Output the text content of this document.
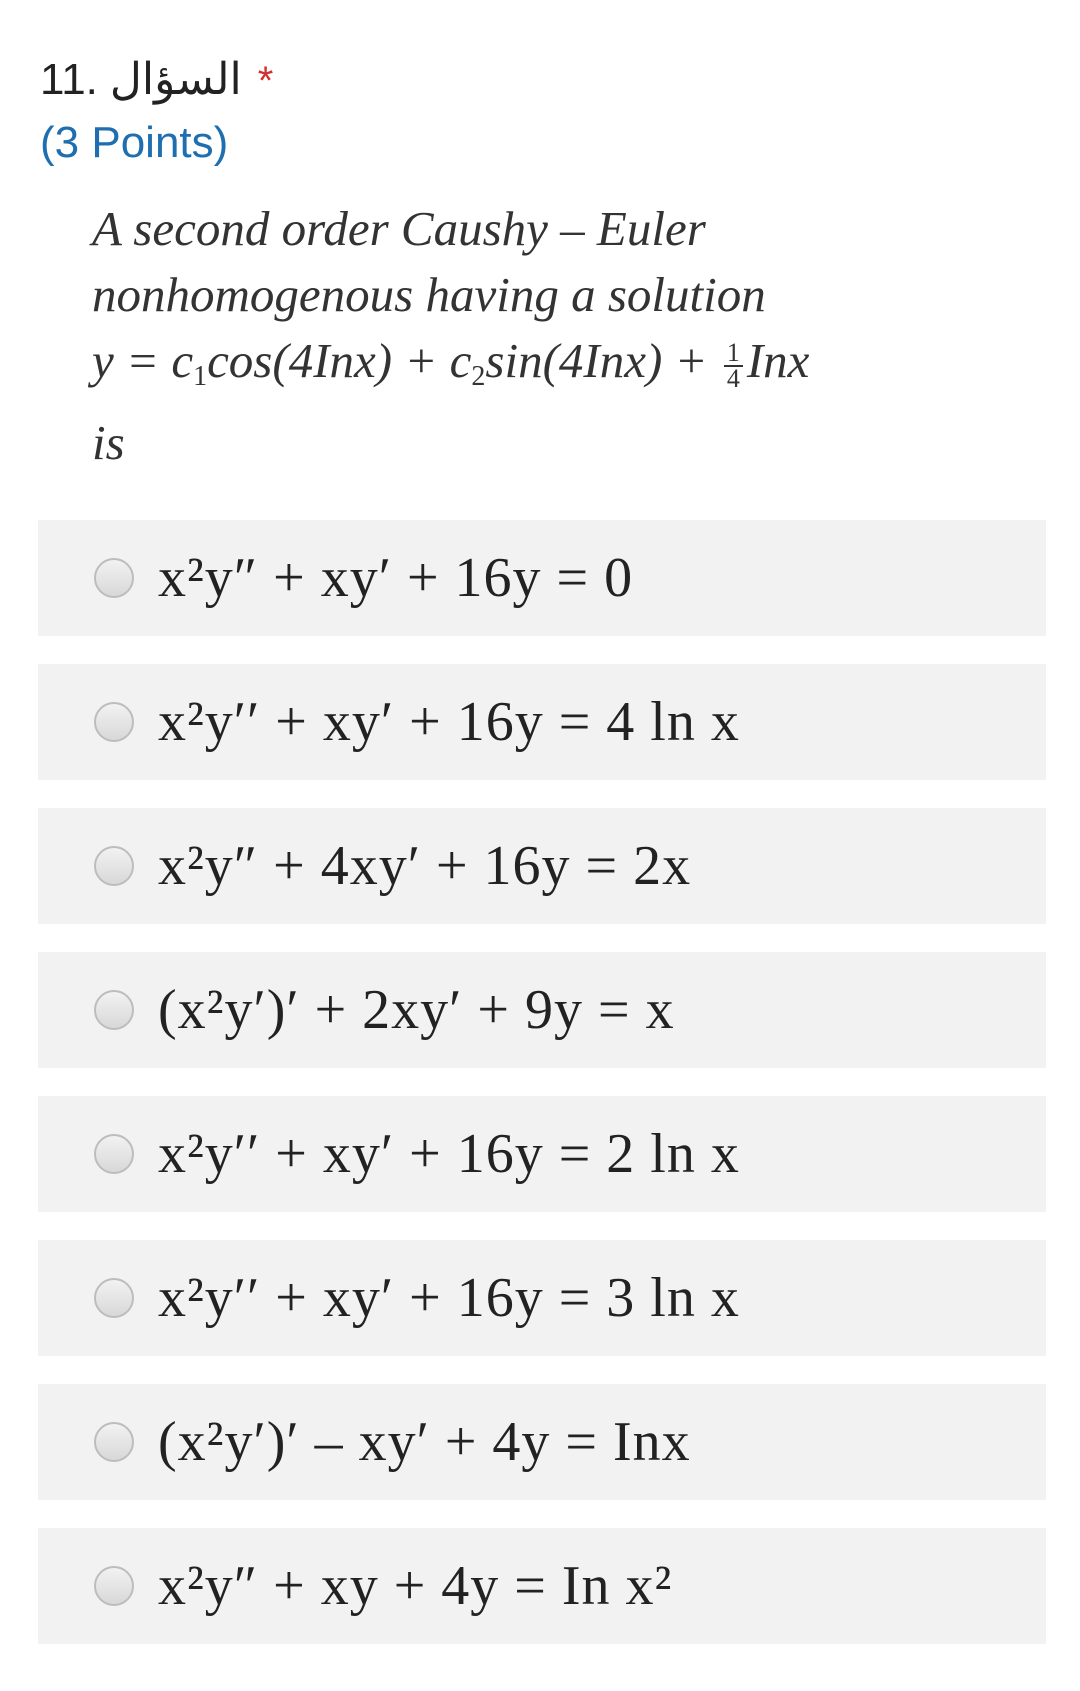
11. السؤال *
(3 Points)
A second order Caushy – Euler
nonhomogenous having a solution
$y = c_1\cos(4Inx) + c_2\sin(4Inx) + \frac{1}{4}$ Inx
is
x²y″ + xy′ + 16y = 0
x²y′′ + xy′ + 16y = 4 ln x
x²y″ + 4xy′ + 16y = 2x
(x²y′)′ + 2xy′ + 9y = x
x²y′′ + xy′ + 16y = 2 ln x
x²y′′ + xy′ + 16y = 3 ln x
(x²y′)′ – xy′ + 4y = Inx
x²y″ + xy + 4y = In x²
